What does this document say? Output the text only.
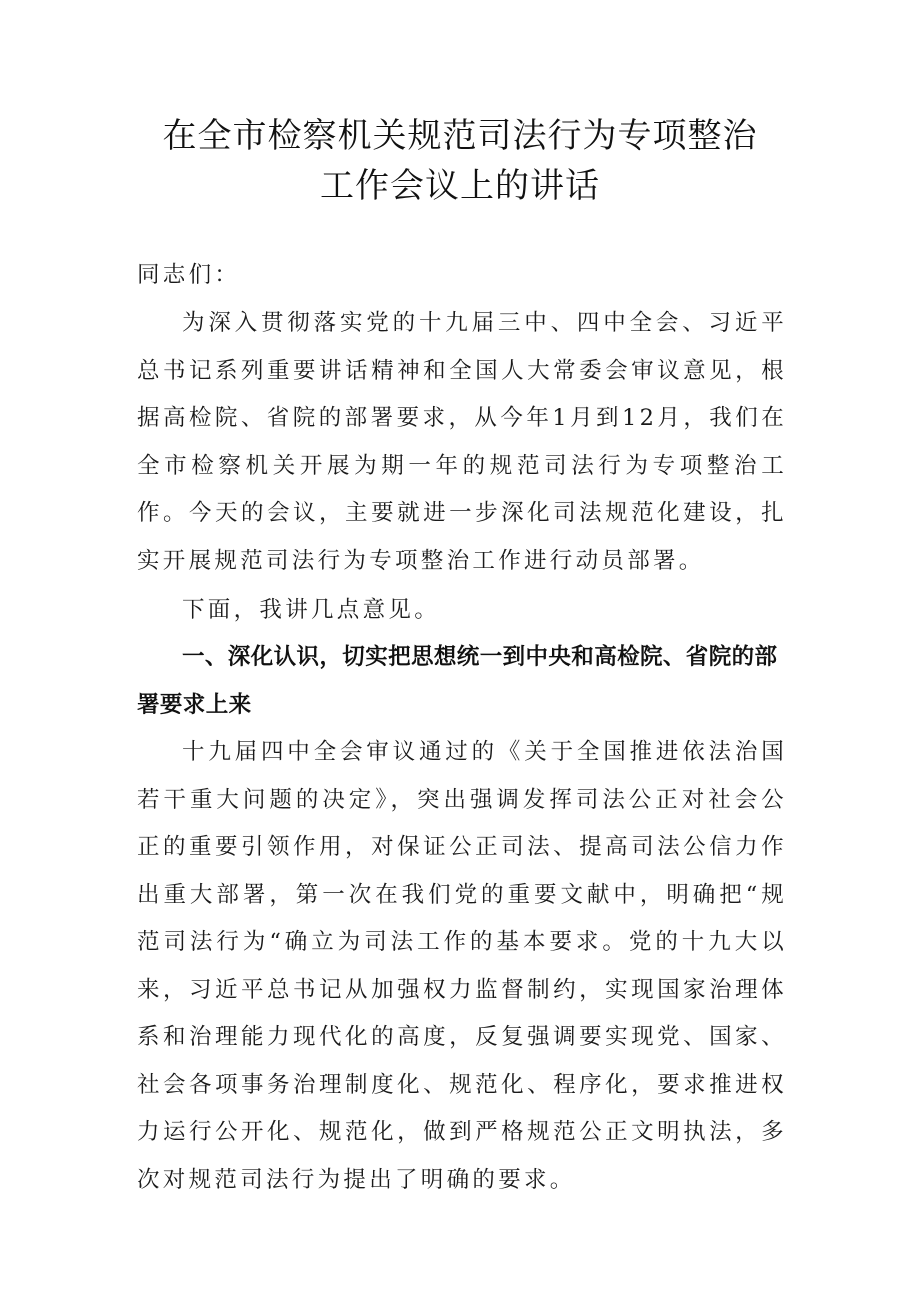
在全市检察机关规范司法行为专项整治
工作会议上的讲话

同志们：

为深入贯彻落实党的十九届三中、四中全会、习近平总书记系列重要讲话精神和全国人大常委会审议意见，根据高检院、省院的部署要求，从今年1月到12月，我们在全市检察机关开展为期一年的规范司法行为专项整治工作。今天的会议，主要就进一步深化司法规范化建设，扎实开展规范司法行为专项整治工作进行动员部署。

下面，我讲几点意见。

一、深化认识，切实把思想统一到中央和高检院、省院的部署要求上来

十九届四中全会审议通过的《关于全国推进依法治国若干重大问题的决定》，突出强调发挥司法公正对社会公正的重要引领作用，对保证公正司法、提高司法公信力作出重大部署，第一次在我们党的重要文献中，明确把“规范司法行为“确立为司法工作的基本要求。党的十九大以来，习近平总书记从加强权力监督制约，实现国家治理体系和治理能力现代化的高度，反复强调要实现党、国家、社会各项事务治理制度化、规范化、程序化，要求推进权力运行公开化、规范化，做到严格规范公正文明执法，多次对规范司法行为提出了明确的要求。
